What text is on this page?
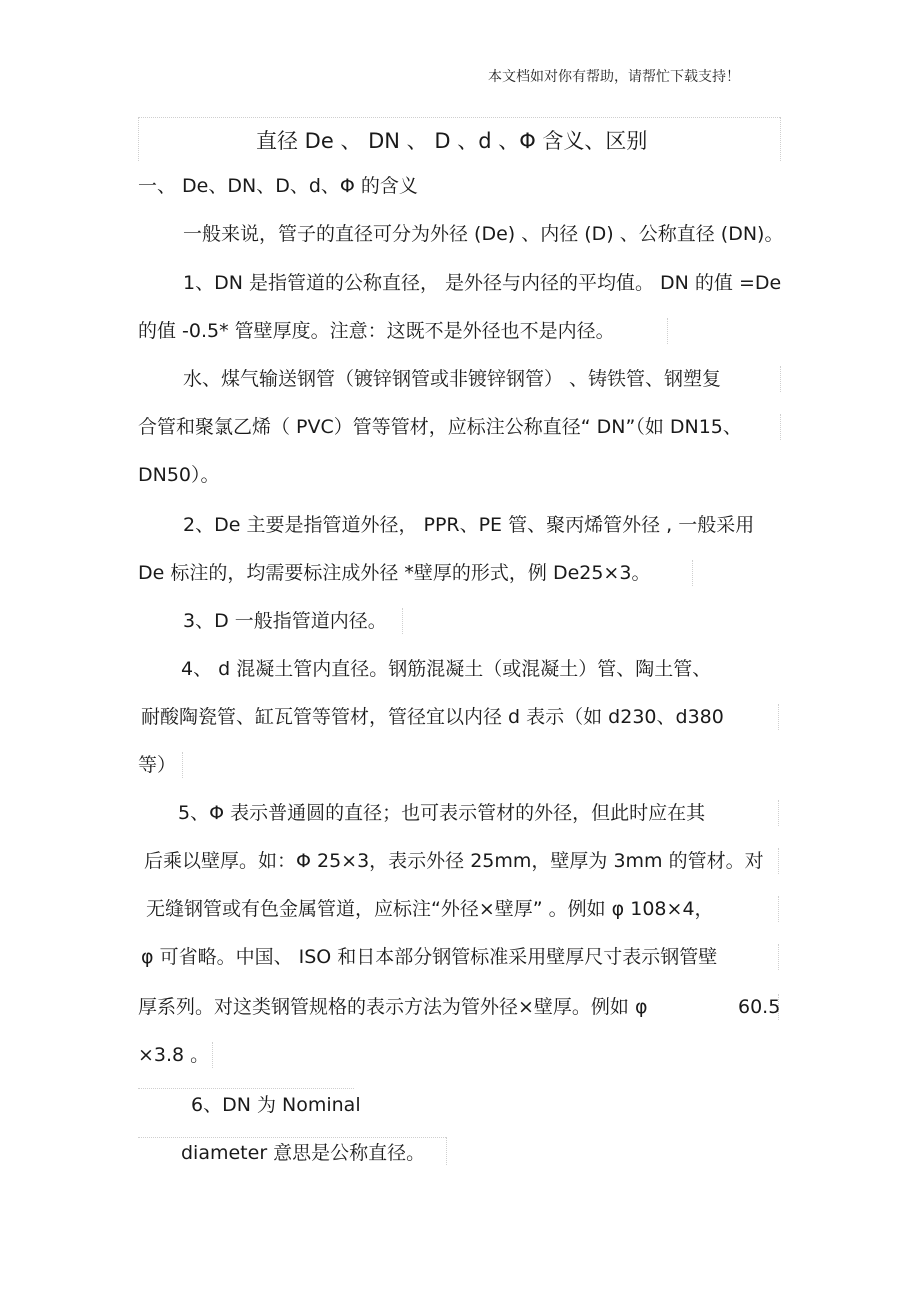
本文档如对你有帮助，请帮忙下载支持！
直径 De 、 DN 、 D 、d 、Φ 含义、区别
一、 De、DN、D、d、Φ 的含义
一般来说，管子的直径可分为外径 (De) 、内径 (D) 、公称直径 (DN)。
1、DN 是指管道的公称直径， 是外径与内径的平均值。 DN 的值 =De
的值 -0.5* 管壁厚度。注意：这既不是外径也不是内径。
水、煤气输送钢管（镀锌钢管或非镀锌钢管） 、铸铁管、钢塑复
合管和聚氯乙烯（ PVC）管等管材，应标注公称直径“ DN”（如 DN15、
DN50）。
2、De 主要是指管道外径， PPR、PE 管、聚丙烯管外径 , 一般采用
De 标注的，均需要标注成外径 *壁厚的形式，例 De25×3。
3、D 一般指管道内径。
4、 d 混凝土管内直径。钢筋混凝土（或混凝土）管、陶土管、
耐酸陶瓷管、缸瓦管等管材，管径宜以内径 d 表示（如 d230、d380
等）
5、Φ 表示普通圆的直径；也可表示管材的外径，但此时应在其
后乘以壁厚。如：Φ 25×3，表示外径 25mm，壁厚为 3mm 的管材。对
无缝钢管或有色金属管道，应标注“外径×壁厚” 。例如 φ 108×4，
φ 可省略。中国、 ISO 和日本部分钢管标准采用壁厚尺寸表示钢管壁
厚系列。对这类钢管规格的表示方法为管外径×壁厚。例如 φ	60.5
×3.8 。
6、DN 为 Nominal
diameter 意思是公称直径。
